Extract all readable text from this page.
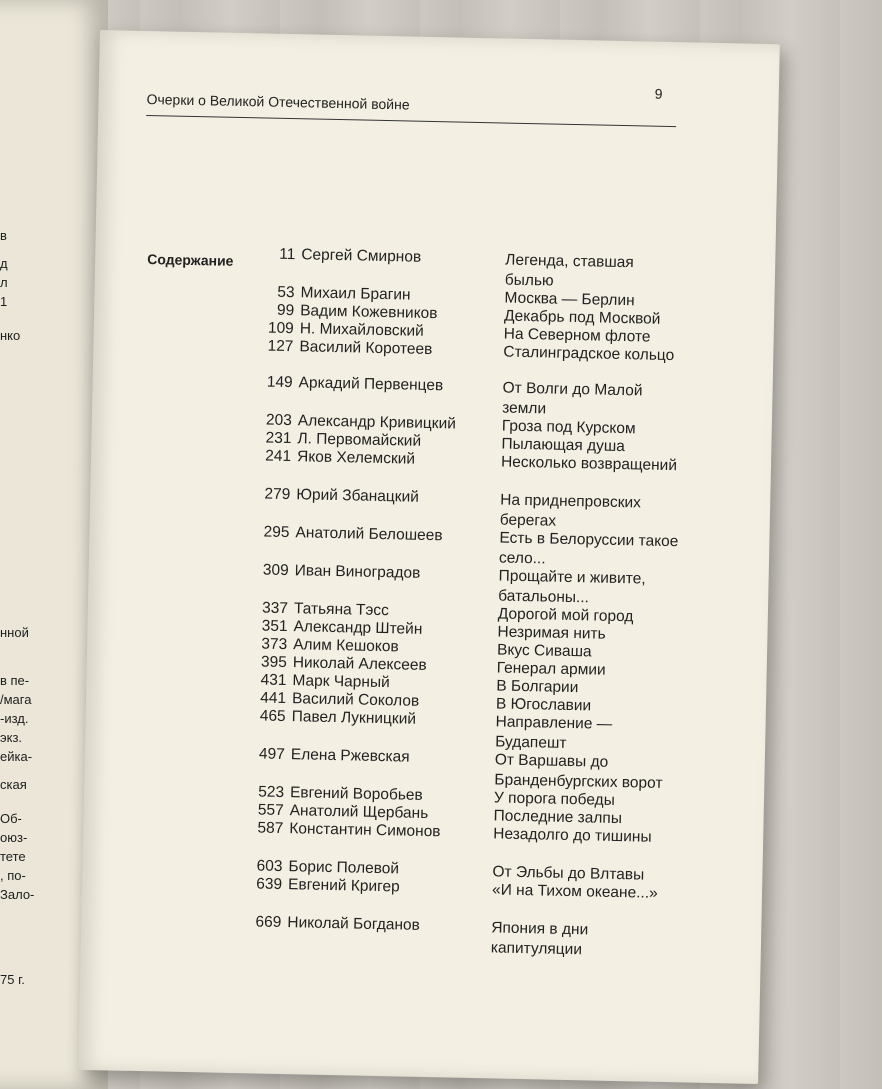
в
д
л
1
нко
нной
в пе-
/мага
-изд.
экз.
ейка-
ская
Об-
оюз-
тете
, по-
Зало-
75 г.
Очерки о Великой Отечественной войне	9
Содержание	11 Сергей Смирнов	Легенда, ставшая былью
53 Михаил Брагин	Москва — Берлин
99 Вадим Кожевников	Декабрь под Москвой
109 Н. Михайловский	На Северном флоте
127 Василий Коротеев	Сталинградское кольцо
149 Аркадий Первенцев	От Волги до Малой земли
203 Александр Кривицкий	Гроза под Курском
231 Л. Первомайский	Пылающая душа
241 Яков Хелемский	Несколько возвращений
279 Юрий Збанацкий	На приднепровских берегах
295 Анатолий Белошеев	Есть в Белоруссии такое село...
309 Иван Виноградов	Прощайте и живите, батальоны...
337 Татьяна Тэсс	Дорогой мой город
351 Александр Штейн	Незримая нить
373 Алим Кешоков	Вкус Сиваша
395 Николай Алексеев	Генерал армии
431 Марк Чарный	В Болгарии
441 Василий Соколов	В Югославии
465 Павел Лукницкий	Направление — Будапешт
497 Елена Ржевская	От Варшавы до Бранденбургских ворот
523 Евгений Воробьев	У порога победы
557 Анатолий Щербань	Последние залпы
587 Константин Симонов	Незадолго до тишины
603 Борис Полевой	От Эльбы до Влтавы
639 Евгений Кригер	«И на Тихом океане...»
669 Николай Богданов	Япония в дни капитуляции
